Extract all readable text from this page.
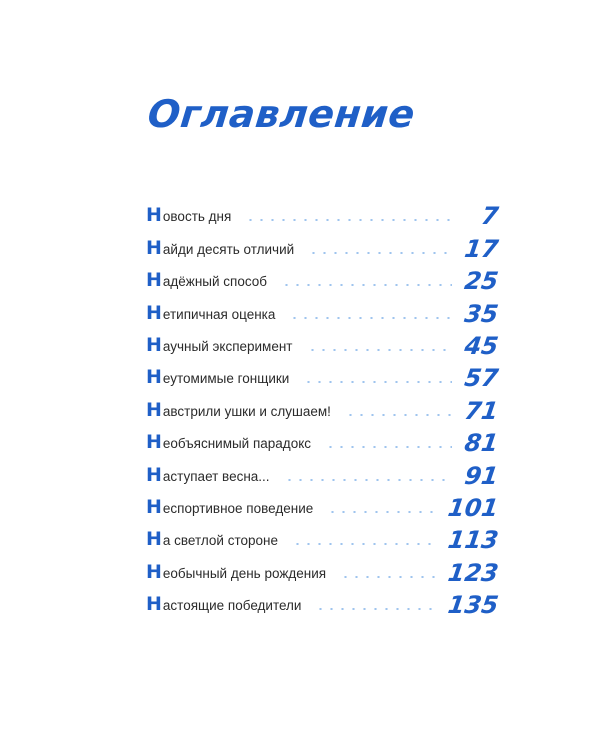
Оглавление
Новость дня	7
Найди десять отличий	17
Надёжный способ	25
Нетипичная оценка	35
Научный эксперимент	45
Неутомимые гонщики	57
Навстрили ушки и слушаем!	71
Необъяснимый парадокс	81
Наступает весна...	91
Неспортивное поведение	101
На светлой стороне	113
Необычный день рождения	123
Настоящие победители	135
